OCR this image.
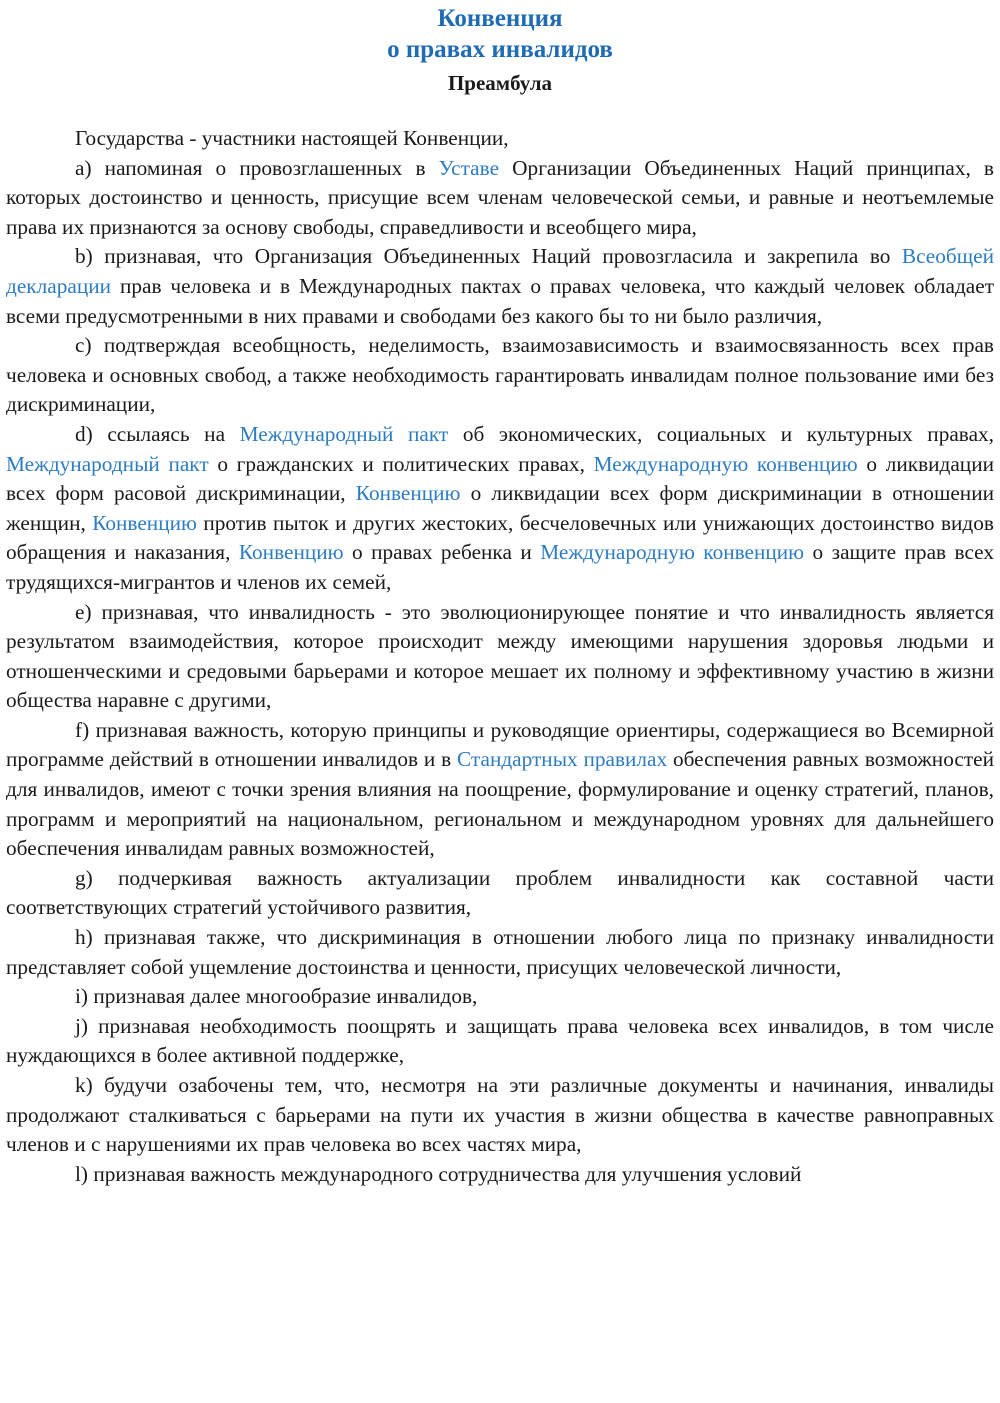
Конвенция
о правах инвалидов
Преамбула

Государства - участники настоящей Конвенции,

a) напоминая о провозглашенных в Уставе Организации Объединенных Наций принципах, в которых достоинство и ценность, присущие всем членам человеческой семьи, и равные и неотъемлемые права их признаются за основу свободы, справедливости и всеобщего мира,

b) признавая, что Организация Объединенных Наций провозгласила и закрепила во Всеобщей декларации прав человека и в Международных пактах о правах человека, что каждый человек обладает всеми предусмотренными в них правами и свободами без какого бы то ни было различия,

c) подтверждая всеобщность, неделимость, взаимозависимость и взаимосвязанность всех прав человека и основных свобод, а также необходимость гарантировать инвалидам полное пользование ими без дискриминации,

d) ссылаясь на Международный пакт об экономических, социальных и культурных правах, Международный пакт о гражданских и политических правах, Международную конвенцию о ликвидации всех форм расовой дискриминации, Конвенцию о ликвидации всех форм дискриминации в отношении женщин, Конвенцию против пыток и других жестоких, бесчеловечных или унижающих достоинство видов обращения и наказания, Конвенцию о правах ребенка и Международную конвенцию о защите прав всех трудящихся-мигрантов и членов их семей,

e) признавая, что инвалидность - это эволюционирующее понятие и что инвалидность является результатом взаимодействия, которое происходит между имеющими нарушения здоровья людьми и отношенческими и средовыми барьерами и которое мешает их полному и эффективному участию в жизни общества наравне с другими,

f) признавая важность, которую принципы и руководящие ориентиры, содержащиеся во Всемирной программе действий в отношении инвалидов и в Стандартных правилах обеспечения равных возможностей для инвалидов, имеют с точки зрения влияния на поощрение, формулирование и оценку стратегий, планов, программ и мероприятий на национальном, региональном и международном уровнях для дальнейшего обеспечения инвалидам равных возможностей,

g) подчеркивая важность актуализации проблем инвалидности как составной части соответствующих стратегий устойчивого развития,

h) признавая также, что дискриминация в отношении любого лица по признаку инвалидности представляет собой ущемление достоинства и ценности, присущих человеческой личности,

i) признавая далее многообразие инвалидов,

j) признавая необходимость поощрять и защищать права человека всех инвалидов, в том числе нуждающихся в более активной поддержке,

k) будучи озабочены тем, что, несмотря на эти различные документы и начинания, инвалиды продолжают сталкиваться с барьерами на пути их участия в жизни общества в качестве равноправных членов и с нарушениями их прав человека во всех частях мира,

l) признавая важность международного сотрудничества для улучшения условий
